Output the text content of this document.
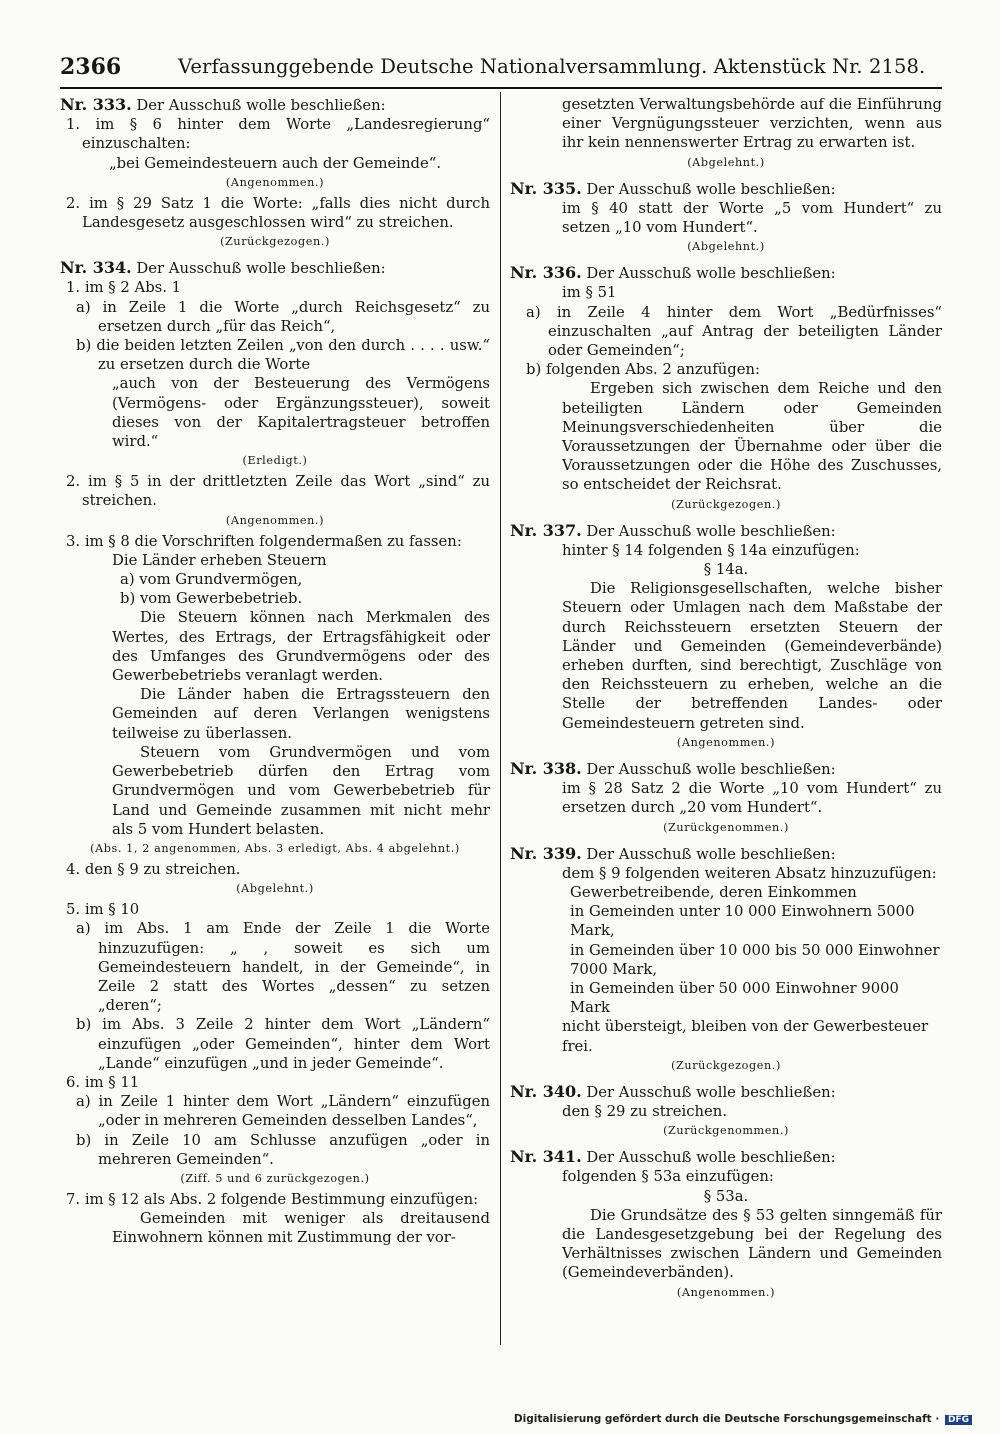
2366	Verfassunggebende Deutsche Nationalversammlung. Aktenstück Nr. 2158.

Nr. 333. Der Ausschuß wolle beschließen:

1. im § 6 hinter dem Worte „Landesregierung“ einzuschalten:

„bei Gemeindesteuern auch der Gemeinde“.

(Angenommen.)

2. im § 29 Satz 1 die Worte: „falls dies nicht durch Landesgesetz ausgeschlossen wird“ zu streichen.

(Zurückgezogen.)

Nr. 334. Der Ausschuß wolle beschließen:

1. im § 2 Abs. 1

a) in Zeile 1 die Worte „durch Reichsgesetz“ zu ersetzen durch „für das Reich“,

b) die beiden letzten Zeilen „von den durch . . . . usw.“ zu ersetzen durch die Worte

„auch von der Besteuerung des Vermögens (Vermögens- oder Ergänzungssteuer), soweit dieses von der Kapitalertragsteuer betroffen wird.“

(Erledigt.)

2. im § 5 in der drittletzten Zeile das Wort „sind“ zu streichen.

(Angenommen.)

3. im § 8 die Vorschriften folgendermaßen zu fassen:

Die Länder erheben Steuern

a) vom Grundvermögen,

b) vom Gewerbebetrieb.

Die Steuern können nach Merkmalen des Wertes, des Ertrags, der Ertragsfähigkeit oder des Umfanges des Grundvermögens oder des Gewerbebetriebs veranlagt werden.

Die Länder haben die Ertragssteuern den Gemeinden auf deren Verlangen wenigstens teilweise zu überlassen.

Steuern vom Grundvermögen und vom Gewerbebetrieb dürfen den Ertrag vom Grundvermögen und vom Gewerbebetrieb für Land und Gemeinde zusammen mit nicht mehr als 5 vom Hundert belasten.

(Abs. 1, 2 angenommen, Abs. 3 erledigt, Abs. 4 abgelehnt.)

4. den § 9 zu streichen.

(Abgelehnt.)

5. im § 10

a) im Abs. 1 am Ende der Zeile 1 die Worte hinzuzufügen: „ , soweit es sich um Gemeindesteuern handelt, in der Gemeinde“, in Zeile 2 statt des Wortes „dessen“ zu setzen „deren“;

b) im Abs. 3 Zeile 2 hinter dem Wort „Ländern“ einzufügen „oder Gemeinden“, hinter dem Wort „Lande“ einzufügen „und in jeder Gemeinde“.

6. im § 11

a) in Zeile 1 hinter dem Wort „Ländern“ einzufügen „oder in mehreren Gemeinden desselben Landes“,

b) in Zeile 10 am Schlusse anzufügen „oder in mehreren Gemeinden“.

(Ziff. 5 und 6 zurückgezogen.)

7. im § 12 als Abs. 2 folgende Bestimmung einzufügen:

Gemeinden mit weniger als dreitausend Einwohnern können mit Zustimmung der vor-

gesetzten Verwaltungsbehörde auf die Einführung einer Vergnügungssteuer verzichten, wenn aus ihr kein nennenswerter Ertrag zu erwarten ist.

(Abgelehnt.)

Nr. 335. Der Ausschuß wolle beschließen:

im § 40 statt der Worte „5 vom Hundert“ zu setzen „10 vom Hundert“.

(Abgelehnt.)

Nr. 336. Der Ausschuß wolle beschließen:

im § 51

a) in Zeile 4 hinter dem Wort „Bedürfnisses“ einzuschalten „auf Antrag der beteiligten Länder oder Gemeinden“;

b) folgenden Abs. 2 anzufügen:

Ergeben sich zwischen dem Reiche und den beteiligten Ländern oder Gemeinden Meinungsverschiedenheiten über die Voraussetzungen der Übernahme oder über die Voraussetzungen oder die Höhe des Zuschusses, so entscheidet der Reichsrat.

(Zurückgezogen.)

Nr. 337. Der Ausschuß wolle beschließen:

hinter § 14 folgenden § 14a einzufügen:

§ 14a.

Die Religionsgesellschaften, welche bisher Steuern oder Umlagen nach dem Maßstabe der durch Reichssteuern ersetzten Steuern der Länder und Gemeinden (Gemeindeverbände) erheben durften, sind berechtigt, Zuschläge von den Reichssteuern zu erheben, welche an die Stelle der betreffenden Landes- oder Gemeindesteuern getreten sind.

(Angenommen.)

Nr. 338. Der Ausschuß wolle beschließen:

im § 28 Satz 2 die Worte „10 vom Hundert“ zu ersetzen durch „20 vom Hundert“.

(Zurückgenommen.)

Nr. 339. Der Ausschuß wolle beschließen:

dem § 9 folgenden weiteren Absatz hinzuzufügen:

Gewerbetreibende, deren Einkommen

in Gemeinden unter 10 000 Einwohnern 5000 Mark,

in Gemeinden über 10 000 bis 50 000 Einwohner 7000 Mark,

in Gemeinden über 50 000 Einwohner 9000 Mark

nicht übersteigt, bleiben von der Gewerbesteuer frei.

(Zurückgezogen.)

Nr. 340. Der Ausschuß wolle beschließen:

den § 29 zu streichen.

(Zurückgenommen.)

Nr. 341. Der Ausschuß wolle beschließen:

folgenden § 53a einzufügen:

§ 53a.

Die Grundsätze des § 53 gelten sinngemäß für die Landesgesetzgebung bei der Regelung des Verhältnisses zwischen Ländern und Gemeinden (Gemeindeverbänden).

(Angenommen.)

Digitalisierung gefördert durch die Deutsche Forschungsgemeinschaft · DFG
